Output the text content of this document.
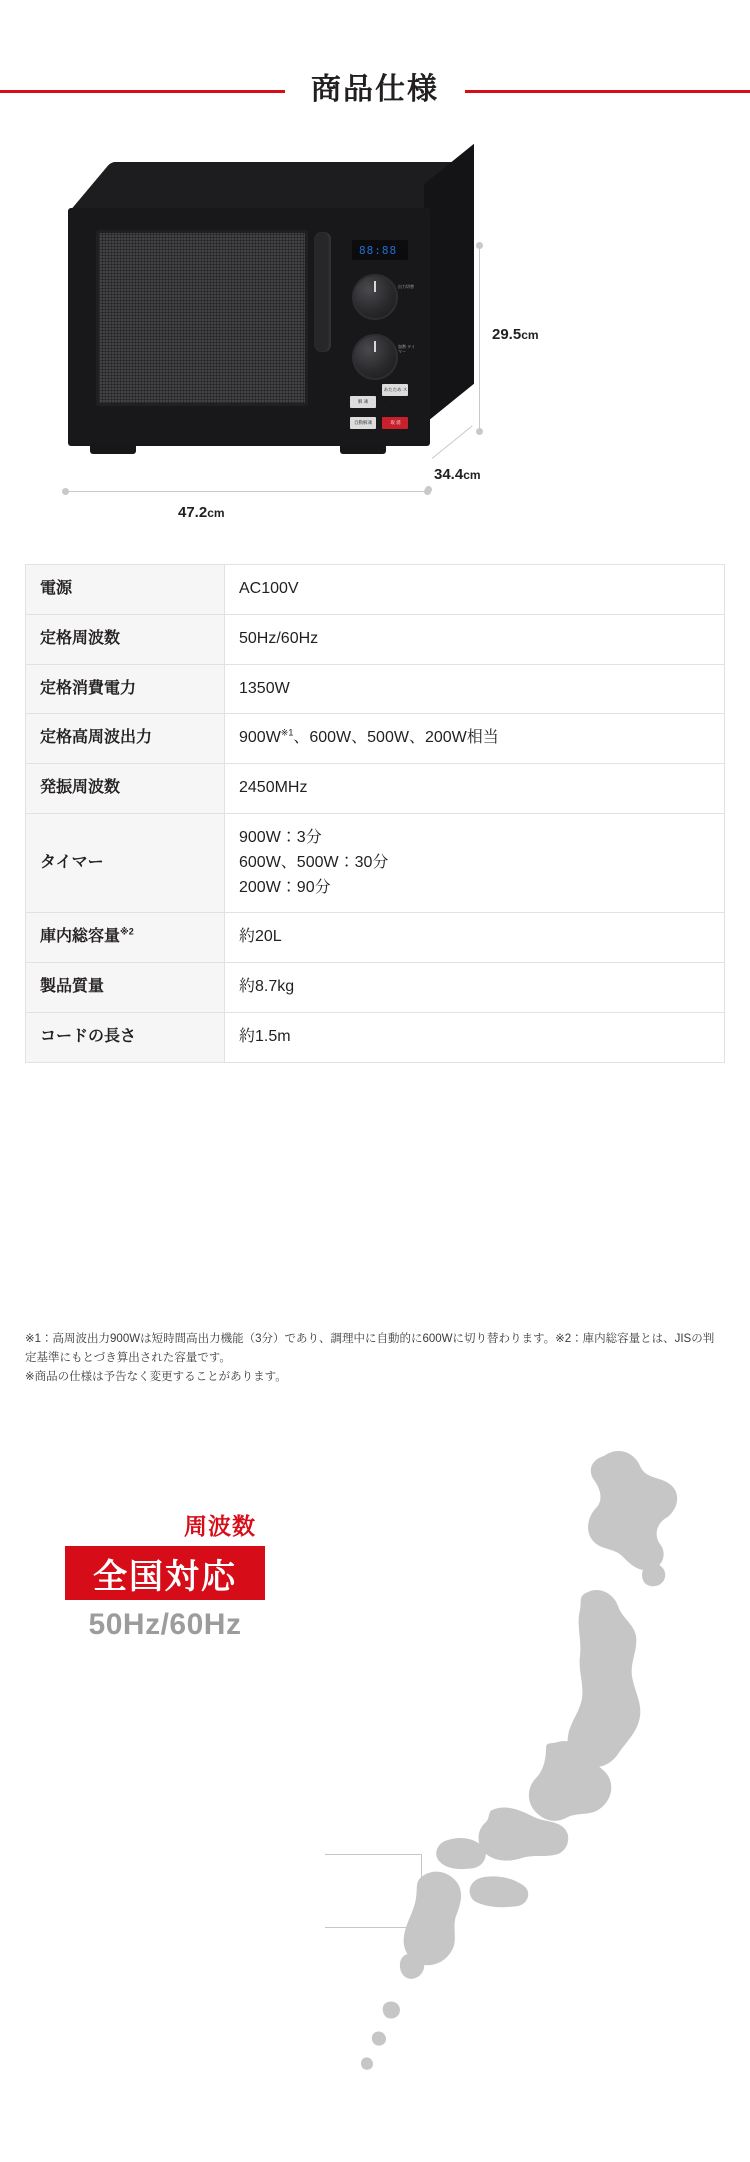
商品仕様
88:88
出力切替
加熱 タイマー
解 凍 あたため スタート 自動解凍	取 消
47.2cm
29.5cm
34.4cm
電源	AC100V
定格周波数	50Hz/60Hz
定格消費電力	1350W
定格高周波出力	900W$^{※1}$、600W、500W、200W相当
発振周波数	2450MHz
タイマー	900W：3分
600W、500W：30分
200W：90分

庫内総容量$^{※2}$	約20L
製品質量	約8.7kg
コードの長さ	約1.5m
※1：高周波出力900Wは短時間高出力機能（3分）であり、調理中に自動的に600Wに切り替わります。※2：庫内総容量とは、JISの判定基準にもとづき算出された容量です。
※商品の仕様は予告なく変更することがあります。
周波数
全国対応
50Hz/60Hz
